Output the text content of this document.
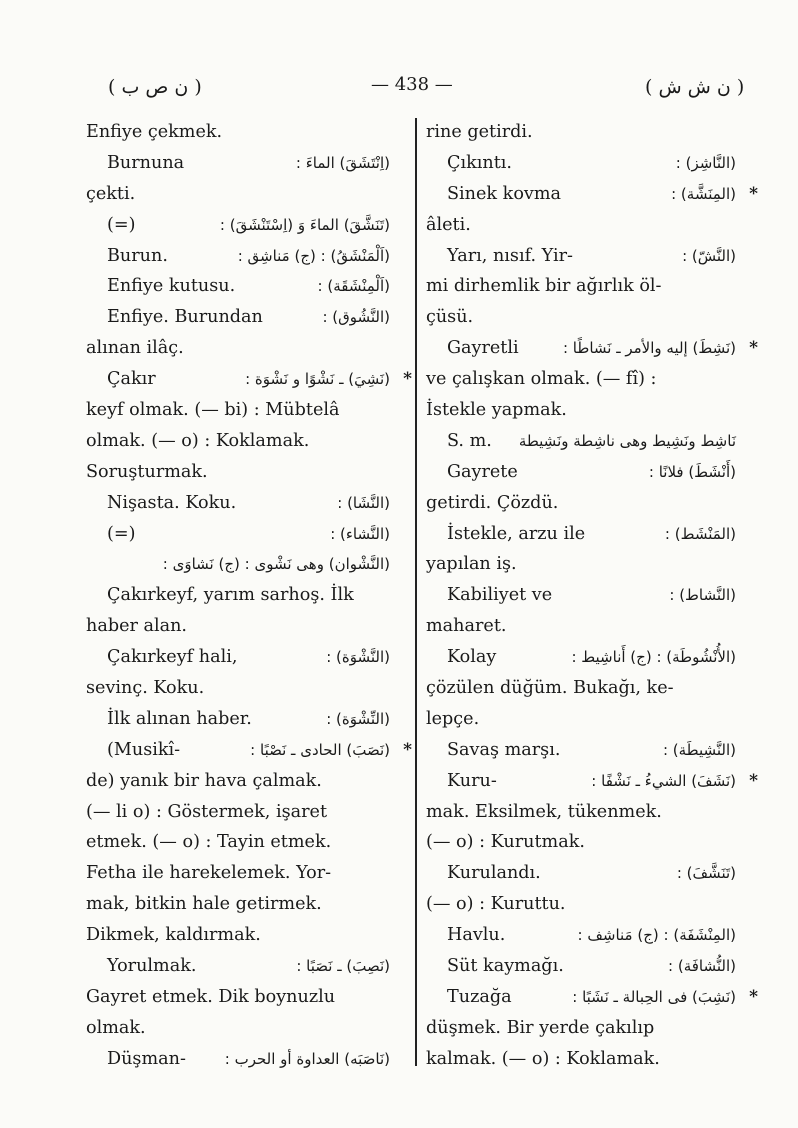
( ن ص ب )	— 438 —	( ن ش ش )
Enfiye çekmek.
Burnuna	(اِنْتَشَقَ) الماءَ :
çekti.
(=)	(تَنَشَّقَ) الماءَ وَ (اِسْتَنْشَقَ) :
Burun.	(اَلْمَنْشَقُ) : (ج) مَناشِق :
Enfiye kutusu.	(اَلْمِنْشَقَة) :
Enfiye. Burundan	(النَّشُوق) :
alınan ilâç.
Çakır	(نَشِيَ) ـ نَشْوًا و نَشْوَة : *
keyf olmak. (— bi) : Mübtelâ
olmak. (— o) : Koklamak.
Soruşturmak.
Nişasta. Koku.	(النَّشَا) :
(=)	(النَّشاء) :
(النَّشْوان) وهى نَشْوى : (ج) نَشاوَى :
Çakırkeyf, yarım sarhoş. İlk
haber alan.
Çakırkeyf hali,	(النَّشْوَة) :
sevinç. Koku.
İlk alınan haber.	(النِّشْوَة) :
(Musikî-	(نَصَبَ) الحادى ـ نَصْبًا : *
de) yanık bir hava çalmak.
(— li o) : Göstermek, işaret
etmek. (— o) : Tayin etmek.
Fetha ile harekelemek. Yor-
mak, bitkin hale getirmek.
Dikmek, kaldırmak.
Yorulmak.	(نَصِبَ) ـ نَصَبًا :
Gayret etmek. Dik boynuzlu
olmak.
Düşman-	(نَاصَبَه) العداوة أو الحرب :
rine getirdi.
Çıkıntı.	(النَّاشِز) :
Sinek kovma	(المِنَشَّة) : *
âleti.
Yarı, nısıf. Yir-	(النَّشّ) :
mi dirhemlik bir ağırlık öl-
çüsü.
Gayretli	(نَشِطَ) إليه والأمر ـ نَشاطًا : *
ve çalışkan olmak. (— fî) :
İstekle yapmak.
S. m. نَاشِط ونَشِيط وهى ناشِطة ونَشِيطة
Gayrete	(أَنْشَطَ) فلانًا :
getirdi. Çözdü.
İstekle, arzu ile	(المَنْشَط) :
yapılan iş.
Kabiliyet ve	(النَّشاط) :
maharet.
Kolay	(الأُنْشُوطَة) : (ج) أَناشِيط :
çözülen düğüm. Bukağı, ke-
lepçe.
Savaş marşı.	(النَّشِيطَة) :
Kuru-	(نَشَفَ) الشيءُ ـ نَشْفًا : *
mak. Eksilmek, tükenmek.
(— o) : Kurutmak.
Kurulandı.	(تَنَشَّفَ) :
(— o) : Kuruttu.
Havlu.	(المِنْشَفَة) : (ج) مَناشِف :
Süt kaymağı.	(النُّشافَة) :
Tuzağa	(نَشِبَ) فى الحِبالة ـ نَشَبًا : *
düşmek. Bir yerde çakılıp
kalmak. (— o) : Koklamak.
